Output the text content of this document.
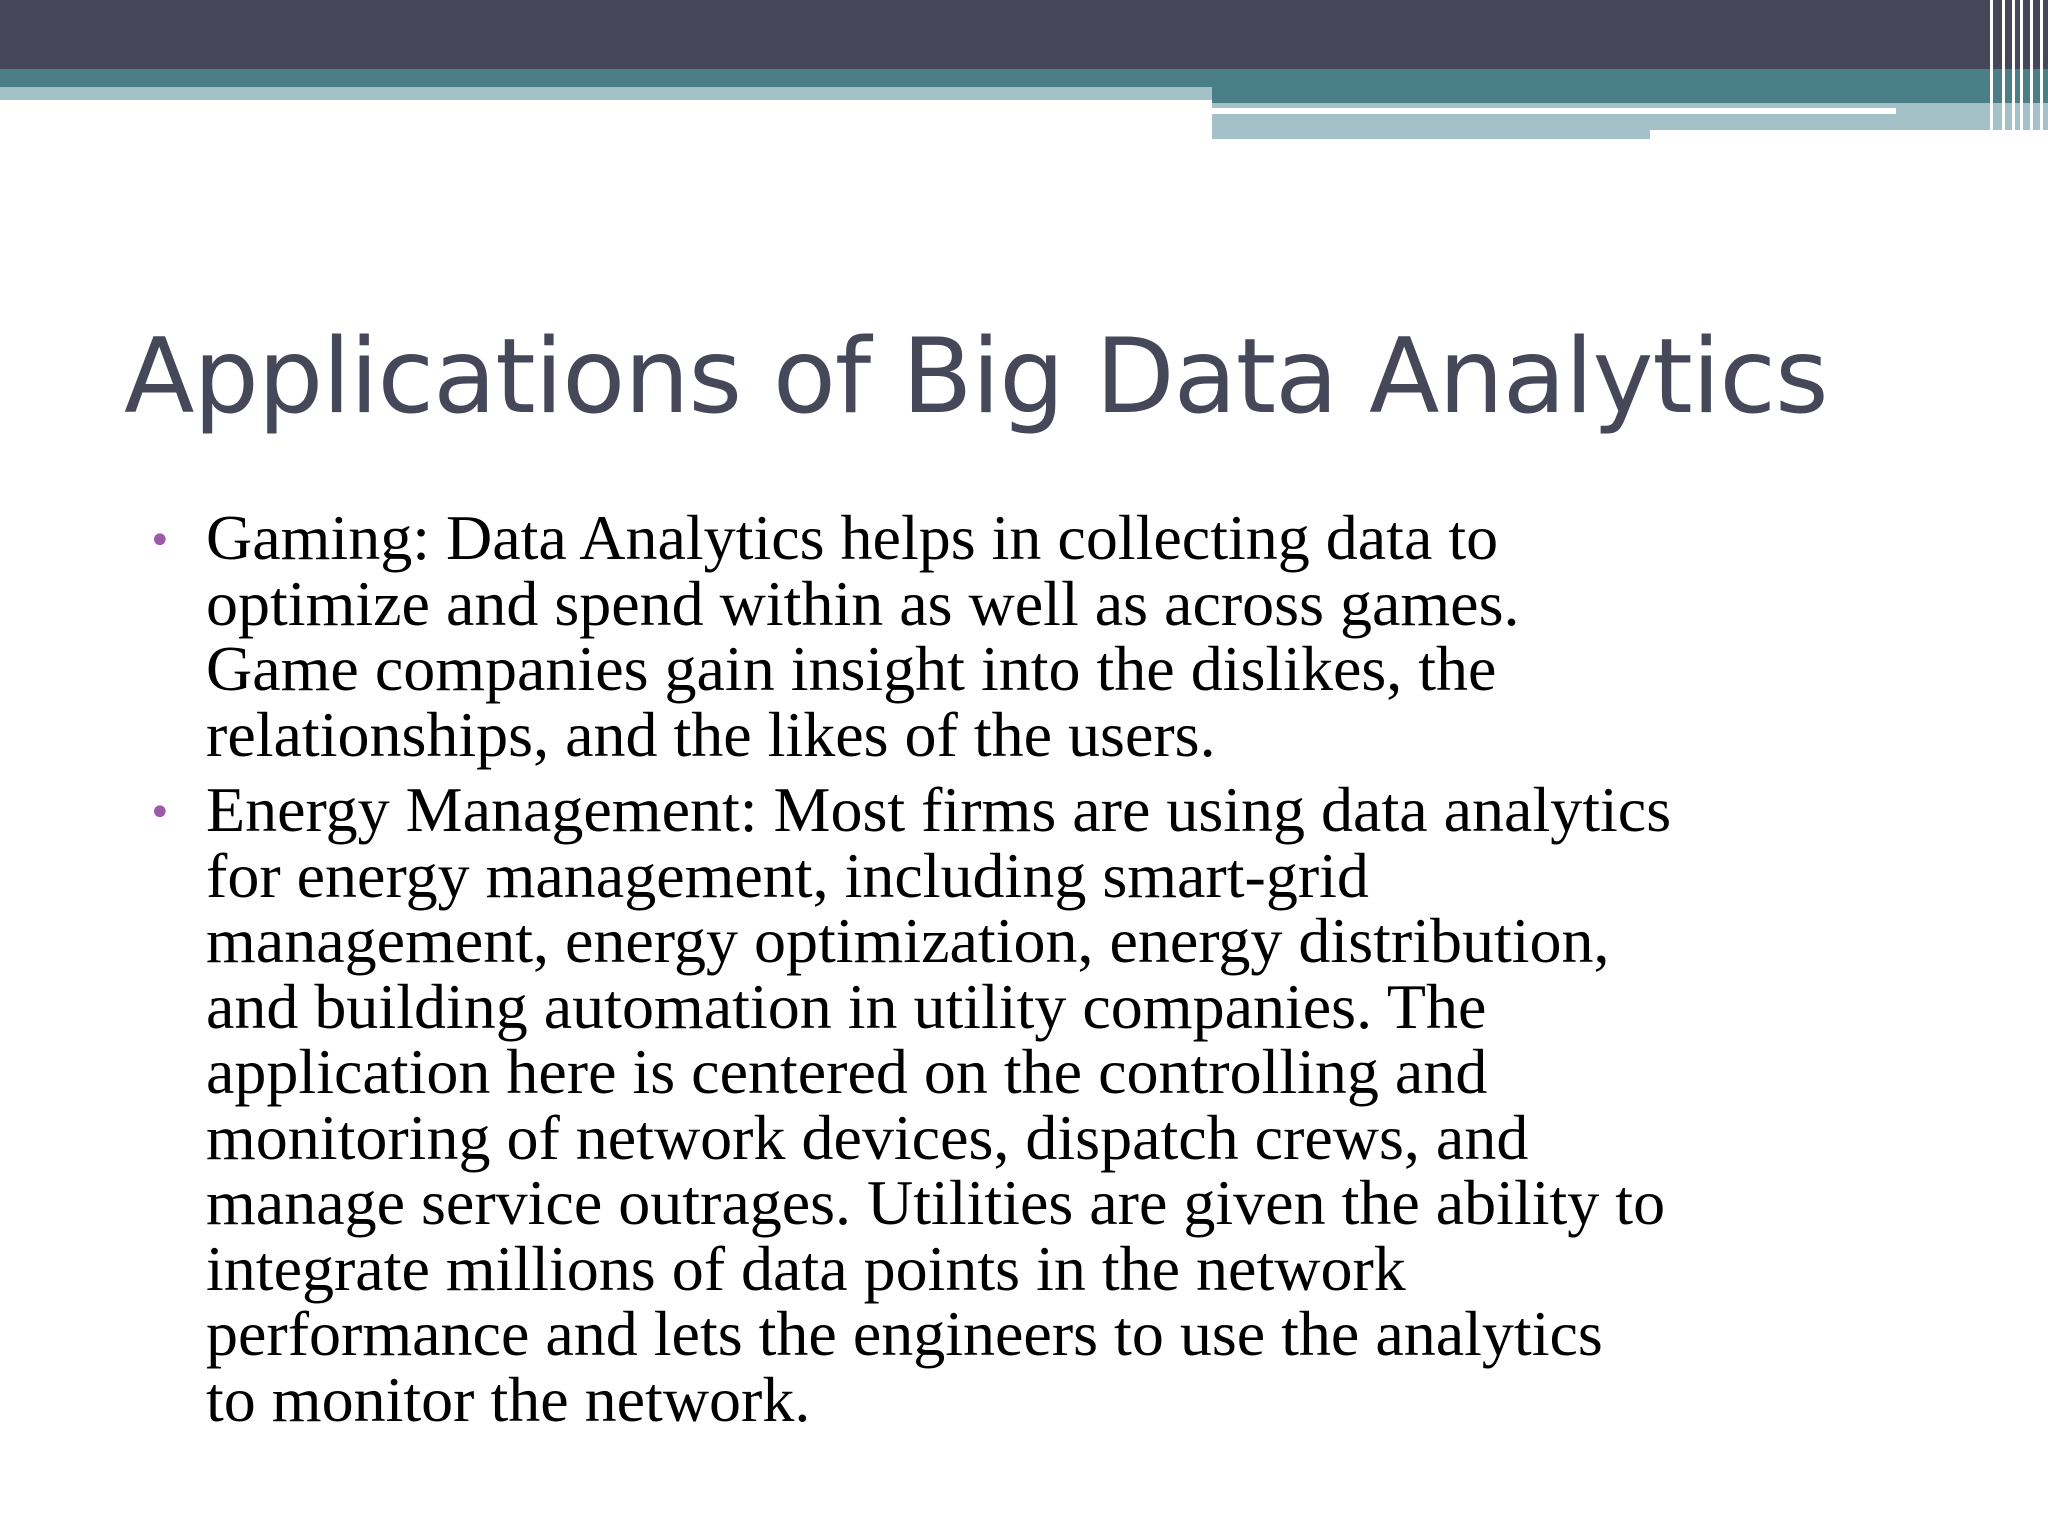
Applications of Big Data Analytics
• Gaming: Data Analytics helps in collecting data to
optimize and spend within as well as across games.
Game companies gain insight into the dislikes, the
relationships, and the likes of the users.
• Energy Management: Most firms are using data analytics
for energy management, including smart-grid
management, energy optimization, energy distribution,
and building automation in utility companies. The
application here is centered on the controlling and
monitoring of network devices, dispatch crews, and
manage service outrages. Utilities are given the ability to
integrate millions of data points in the network
performance and lets the engineers to use the analytics
to monitor the network.
